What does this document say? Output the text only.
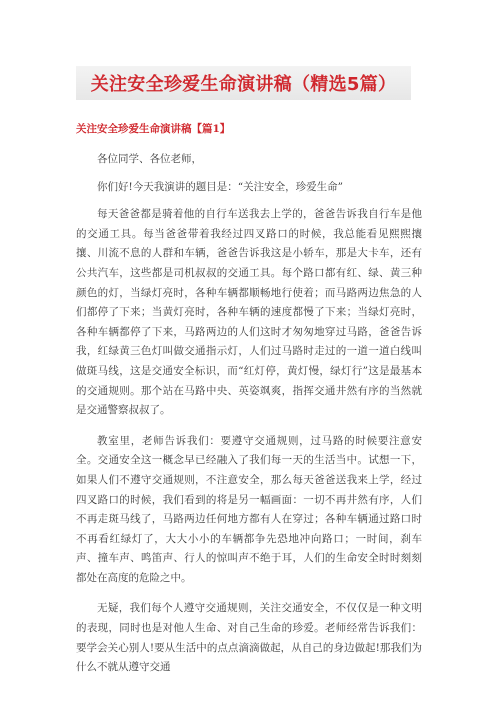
关注安全珍爱生命演讲稿（精选5篇）
关注安全珍爱生命演讲稿【篇1】

各位同学、各位老师，

你们好!今天我演讲的题目是：“关注安全，珍爱生命”

每天爸爸都是骑着他的自行车送我去上学的，爸爸告诉我自行车是他的交通工具。每当爸爸带着我经过四叉路口的时候，我总能看见熙熙攘攘、川流不息的人群和车辆，爸爸告诉我这是小轿车，那是大卡车，还有公共汽车，这些都是司机叔叔的交通工具。每个路口都有红、绿、黄三种颜色的灯，当绿灯亮时，各种车辆都顺畅地行使着；而马路两边焦急的人们都停了下来；当黄灯亮时，各种车辆的速度都慢了下来；当绿灯亮时，各种车辆都停了下来，马路两边的人们这时才匆匆地穿过马路，爸爸告诉我，红绿黄三色灯叫做交通指示灯，人们过马路时走过的一道一道白线叫做斑马线，这是交通安全标识，而“红灯停，黄灯慢，绿灯行”这是最基本的交通规则。那个站在马路中央、英姿飒爽，指挥交通井然有序的当然就是交通警察叔叔了。

教室里，老师告诉我们：要遵守交通规则，过马路的时候要注意安全。交通安全这一概念早已经融入了我们每一天的生活当中。试想一下，如果人们不遵守交通规则，不注意安全，那么每天爸爸送我来上学，经过四叉路口的时候，我们看到的将是另一幅画面：一切不再井然有序，人们不再走斑马线了，马路两边任何地方都有人在穿过；各种车辆通过路口时不再看红绿灯了，大大小小的车辆都争先恐地冲向路口；一时间，刹车声、撞车声、鸣笛声、行人的惊叫声不绝于耳，人们的生命安全时时刻刻都处在高度的危险之中。

无疑，我们每个人遵守交通规则，关注交通安全，不仅仅是一种文明的表现，同时也是对他人生命、对自己生命的珍爱。老师经常告诉我们：要学会关心别人!要从生活中的点点滴滴做起，从自己的身边做起!那我们为什么不就从遵守交通
